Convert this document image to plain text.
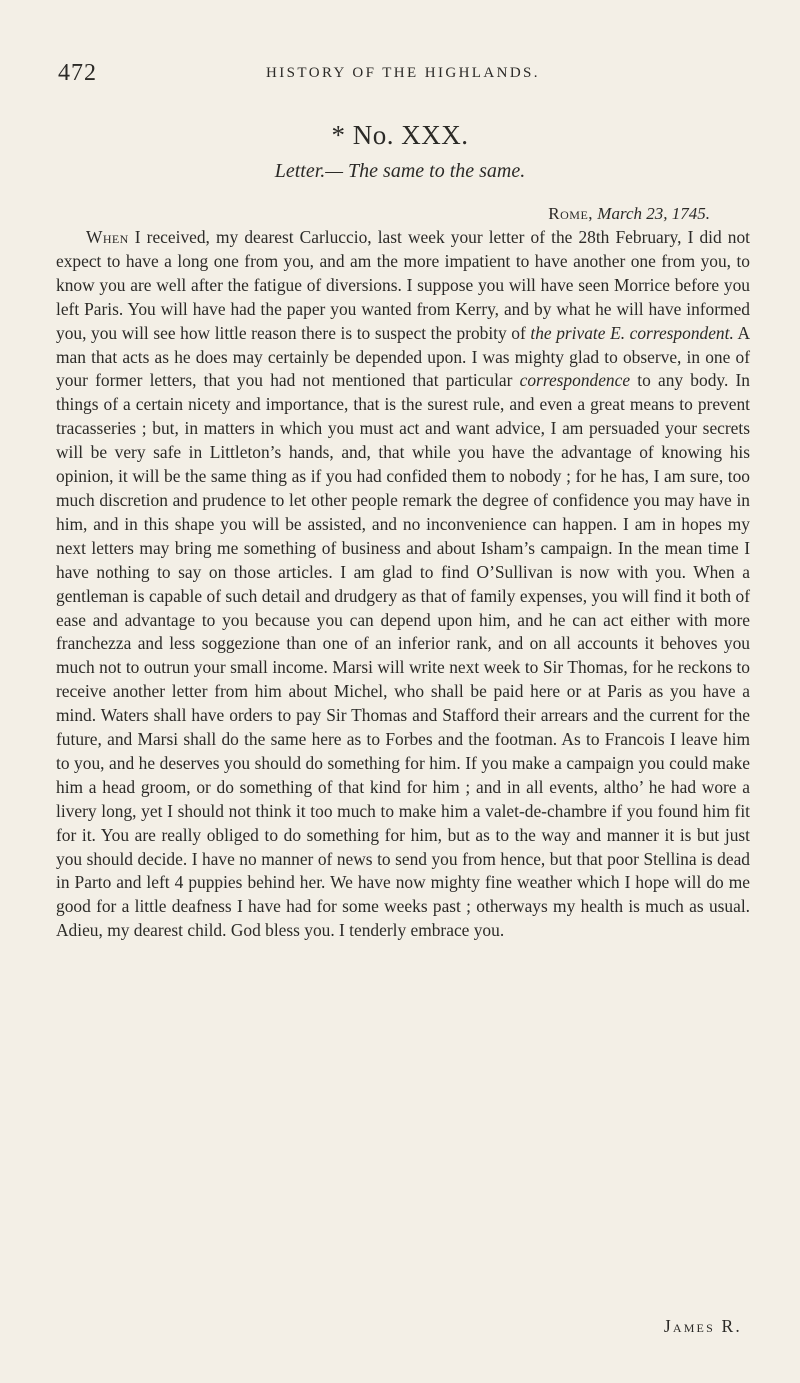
472	HISTORY OF THE HIGHLANDS.
* No. XXX.
Letter.— The same to the same.
Rome, March 23, 1745.

When I received, my dearest Carluccio, last week your letter of the 28th February, I did not expect to have a long one from you, and am the more impatient to have another one from you, to know you are well after the fatigue of diversions. I suppose you will have seen Morrice before you left Paris. You will have had the paper you wanted from Kerry, and by what he will have informed you, you will see how little reason there is to suspect the probity of the private E. correspondent. A man that acts as he does may certainly be depended upon. I was mighty glad to observe, in one of your former letters, that you had not mentioned that particular correspondence to any body. In things of a certain nicety and importance, that is the surest rule, and even a great means to prevent tracasseries ; but, in matters in which you must act and want advice, I am persuaded your secrets will be very safe in Littleton’s hands, and, that while you have the advantage of knowing his opinion, it will be the same thing as if you had confided them to nobody ; for he has, I am sure, too much discretion and prudence to let other people remark the degree of confidence you may have in him, and in this shape you will be assisted, and no inconvenience can happen. I am in hopes my next letters may bring me something of business and about Isham’s campaign. In the mean time I have nothing to say on those articles. I am glad to find O’Sullivan is now with you. When a gentleman is capable of such detail and drudgery as that of family expenses, you will find it both of ease and advantage to you because you can depend upon him, and he can act either with more franchezza and less soggezione than one of an inferior rank, and on all accounts it behoves you much not to outrun your small income. Marsi will write next week to Sir Thomas, for he reckons to receive another letter from him about Michel, who shall be paid here or at Paris as you have a mind. Waters shall have orders to pay Sir Thomas and Stafford their arrears and the current for the future, and Marsi shall do the same here as to Forbes and the footman. As to Francois I leave him to you, and he deserves you should do something for him. If you make a campaign you could make him a head groom, or do something of that kind for him ; and in all events, altho’ he had wore a livery long, yet I should not think it too much to make him a valet-de-chambre if you found him fit for it. You are really obliged to do something for him, but as to the way and manner it is but just you should decide. I have no manner of news to send you from hence, but that poor Stellina is dead in Parto and left 4 puppies behind her. We have now mighty fine weather which I hope will do me good for a little deafness I have had for some weeks past ; otherways my health is much as usual. Adieu, my dearest child. God bless you. I tenderly embrace you.

James R.
